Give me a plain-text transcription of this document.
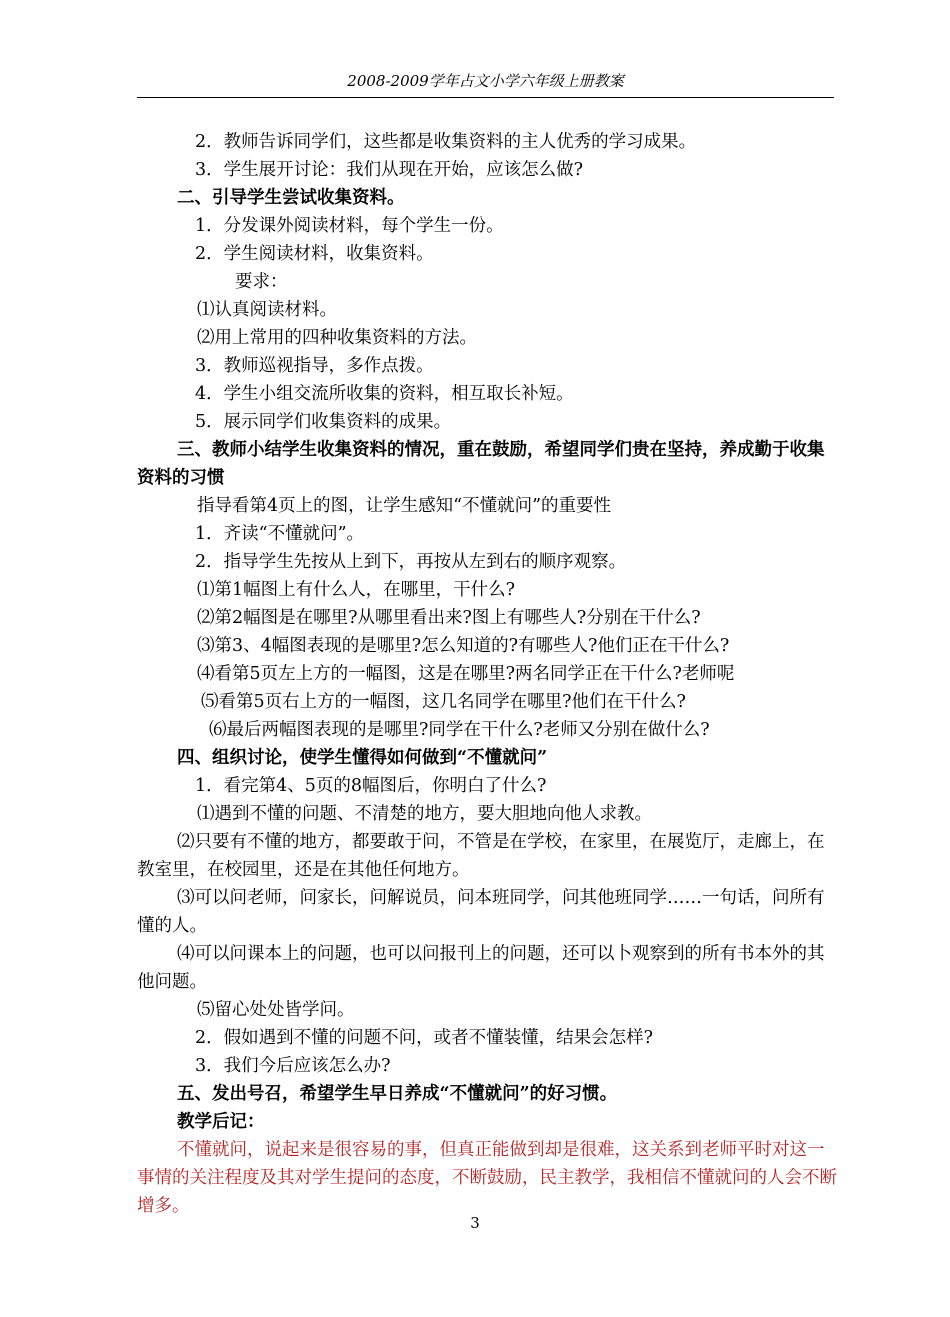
2008-2009学年占文小学六年级上册教案
2．教师告诉同学们，这些都是收集资料的主人优秀的学习成果。
3．学生展开讨论：我们从现在开始，应该怎么做?
二、引导学生尝试收集资料。
1．分发课外阅读材料，每个学生一份。
2．学生阅读材料，收集资料。
要求：
⑴认真阅读材料。
⑵用上常用的四种收集资料的方法。
3．教师巡视指导，多作点拨。
4．学生小组交流所收集的资料，相互取长补短。
5．展示同学们收集资料的成果。
三、教师小结学生收集资料的情况，重在鼓励，希望同学们贵在坚持，养成勤于收集资料的习惯
指导看第4页上的图，让学生感知“不懂就问”的重要性
1．齐读“不懂就问”。
2．指导学生先按从上到下，再按从左到右的顺序观察。
⑴第1幅图上有什么人，在哪里，干什么?
⑵第2幅图是在哪里?从哪里看出来?图上有哪些人?分别在干什么?
⑶第3、4幅图表现的是哪里?怎么知道的?有哪些人?他们正在干什么?
⑷看第5页左上方的一幅图，这是在哪里?两名同学正在干什么?老师呢
⑸看第5页右上方的一幅图，这几名同学在哪里?他们在干什么?
⑹最后两幅图表现的是哪里?同学在干什么?老师又分别在做什么?
四、组织讨论，使学生懂得如何做到“不懂就问”
1．看完第4、5页的8幅图后，你明白了什么?
⑴遇到不懂的问题、不清楚的地方，要大胆地向他人求教。
⑵只要有不懂的地方，都要敢于问，不管是在学校，在家里，在展览厅，走廊上，在教室里，在校园里，还是在其他任何地方。
⑶可以问老师，问家长，问解说员，问本班同学，问其他班同学……一句话，问所有懂的人。
⑷可以问课本上的问题，也可以问报刊上的问题，还可以卜观察到的所有书本外的其他问题。
⑸留心处处皆学问。
2．假如遇到不懂的问题不问，或者不懂装懂，结果会怎样?
3．我们今后应该怎么办?
五、发出号召，希望学生早日养成“不懂就问”的好习惯。
教学后记：
不懂就问，说起来是很容易的事，但真正能做到却是很难，这关系到老师平时对这一事情的关注程度及其对学生提问的态度，不断鼓励，民主教学，我相信不懂就问的人会不断增多。
3
